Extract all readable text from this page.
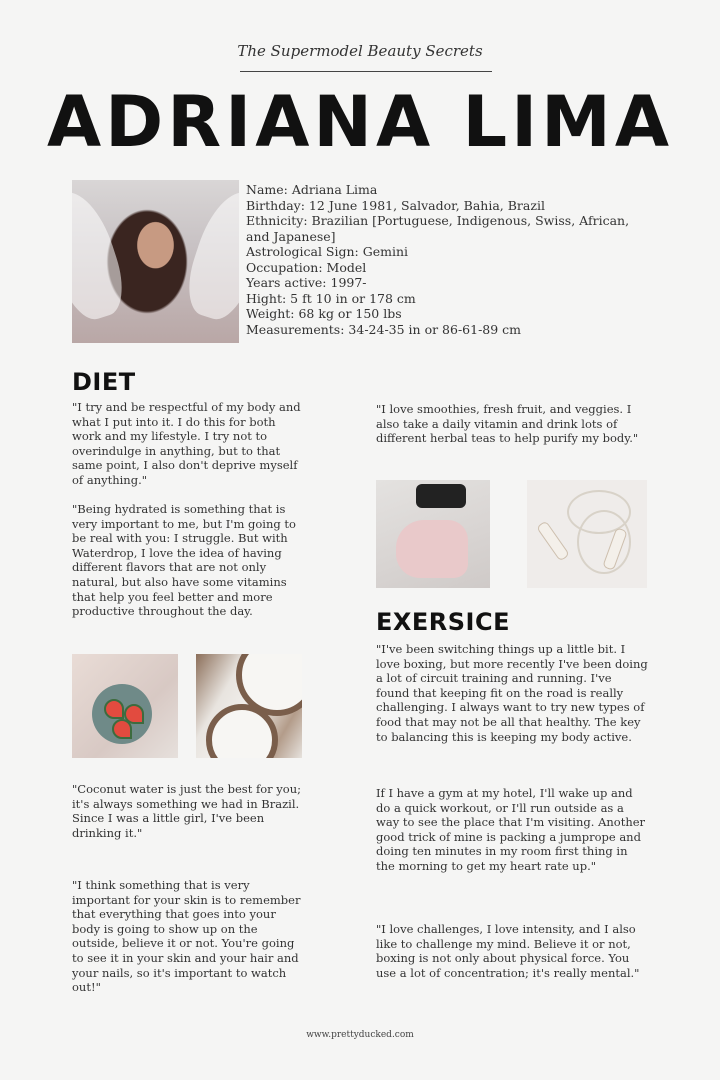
The Supermodel Beauty Secrets
ADRIANA LIMA
Name: Adriana Lima
Birthday: 12 June 1981, Salvador, Bahia, Brazil
Ethnicity: Brazilian [Portuguese, Indigenous, Swiss, African,
and Japanese]
Astrological Sign: Gemini
Occupation: Model
Years active: 1997-
Hight: 5 ft 10 in or 178 cm
Weight: 68 kg or 150 lbs
Measurements: 34-24-35 in or 86-61-89 cm
DIET
"I try and be respectful of my body and what I put into it. I do this for both work and my lifestyle. I try not to overindulge in anything, but to that same point, I also don't deprive myself of anything."
"Being hydrated is something that is very important to me, but I'm going to be real with you: I struggle. But with Waterdrop, I love the idea of having different flavors that are not only natural, but also have some vitamins that help you feel better and more productive throughout the day.
"Coconut water is just the best for you; it's always something we had in Brazil. Since I was a little girl, I've been drinking it."
"I think something that is very important for your skin is to remember that everything that goes into your body is going to show up on the outside, believe it or not. You're going to see it in your skin and your hair and your nails, so it's important to watch out!"
"I love smoothies, fresh fruit, and veggies. I also take a daily vitamin and drink lots of different herbal teas to help purify my body."
EXERSICE
"I've been switching things up a little bit. I love boxing, but more recently I've been doing a lot of circuit training and running. I've found that keeping fit on the road is really challenging. I always want to try new types of food that may not be all that healthy. The key to balancing this is keeping my body active.
If I have a gym at my hotel, I'll wake up and do a quick workout, or I'll run outside as a way to see the place that I'm visiting. Another good trick of mine is packing a jumprope and doing ten minutes in my room first thing in the morning to get my heart rate up."
"I love challenges, I love intensity, and I also like to challenge my mind. Believe it or not, boxing is not only about physical force. You use a lot of concentration; it's really mental."
www.prettyducked.com
